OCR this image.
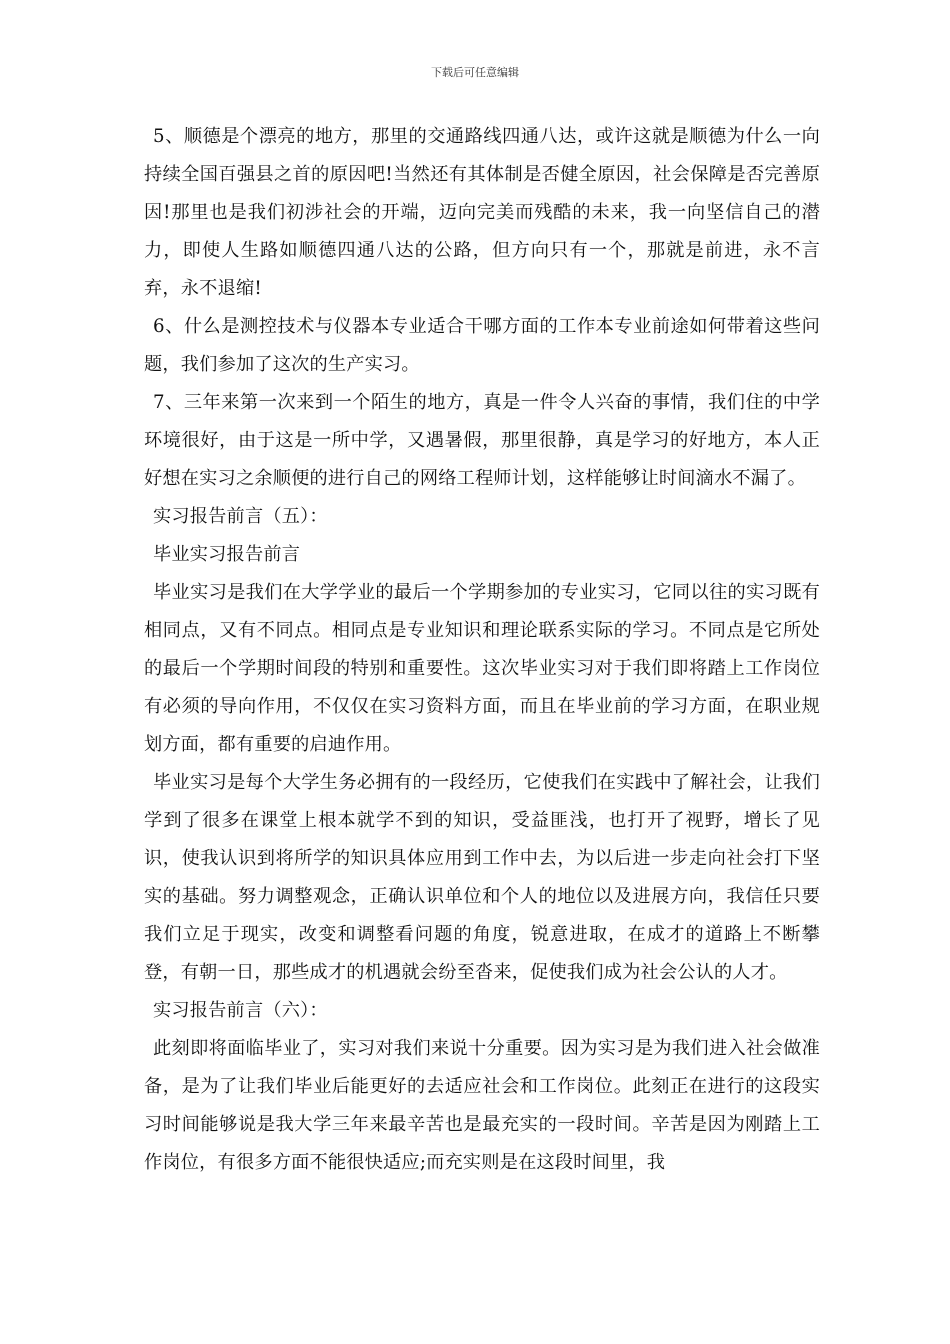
下载后可任意编辑

5、顺德是个漂亮的地方，那里的交通路线四通八达，或许这就是顺德为什么一向持续全国百强县之首的原因吧!当然还有其体制是否健全原因，社会保障是否完善原因!那里也是我们初涉社会的开端，迈向完美而残酷的未来，我一向坚信自己的潜力，即使人生路如顺德四通八达的公路，但方向只有一个，那就是前进，永不言弃，永不退缩!

6、什么是测控技术与仪器本专业适合干哪方面的工作本专业前途如何带着这些问题，我们参加了这次的生产实习。

7、三年来第一次来到一个陌生的地方，真是一件令人兴奋的事情，我们住的中学环境很好，由于这是一所中学，又遇暑假，那里很静，真是学习的好地方，本人正好想在实习之余顺便的进行自己的网络工程师计划，这样能够让时间滴水不漏了。

实习报告前言（五）：

毕业实习报告前言

毕业实习是我们在大学学业的最后一个学期参加的专业实习，它同以往的实习既有相同点，又有不同点。相同点是专业知识和理论联系实际的学习。不同点是它所处的最后一个学期时间段的特别和重要性。这次毕业实习对于我们即将踏上工作岗位有必须的导向作用，不仅仅在实习资料方面，而且在毕业前的学习方面，在职业规划方面，都有重要的启迪作用。

毕业实习是每个大学生务必拥有的一段经历，它使我们在实践中了解社会，让我们学到了很多在课堂上根本就学不到的知识，受益匪浅，也打开了视野，增长了见识，使我认识到将所学的知识具体应用到工作中去，为以后进一步走向社会打下坚实的基础。努力调整观念，正确认识单位和个人的地位以及进展方向，我信任只要我们立足于现实，改变和调整看问题的角度，锐意进取，在成才的道路上不断攀登，有朝一日，那些成才的机遇就会纷至沓来，促使我们成为社会公认的人才。

实习报告前言（六）：

此刻即将面临毕业了，实习对我们来说十分重要。因为实习是为我们进入社会做准备，是为了让我们毕业后能更好的去适应社会和工作岗位。此刻正在进行的这段实习时间能够说是我大学三年来最辛苦也是最充实的一段时间。辛苦是因为刚踏上工作岗位，有很多方面不能很快适应;而充实则是在这段时间里，我
